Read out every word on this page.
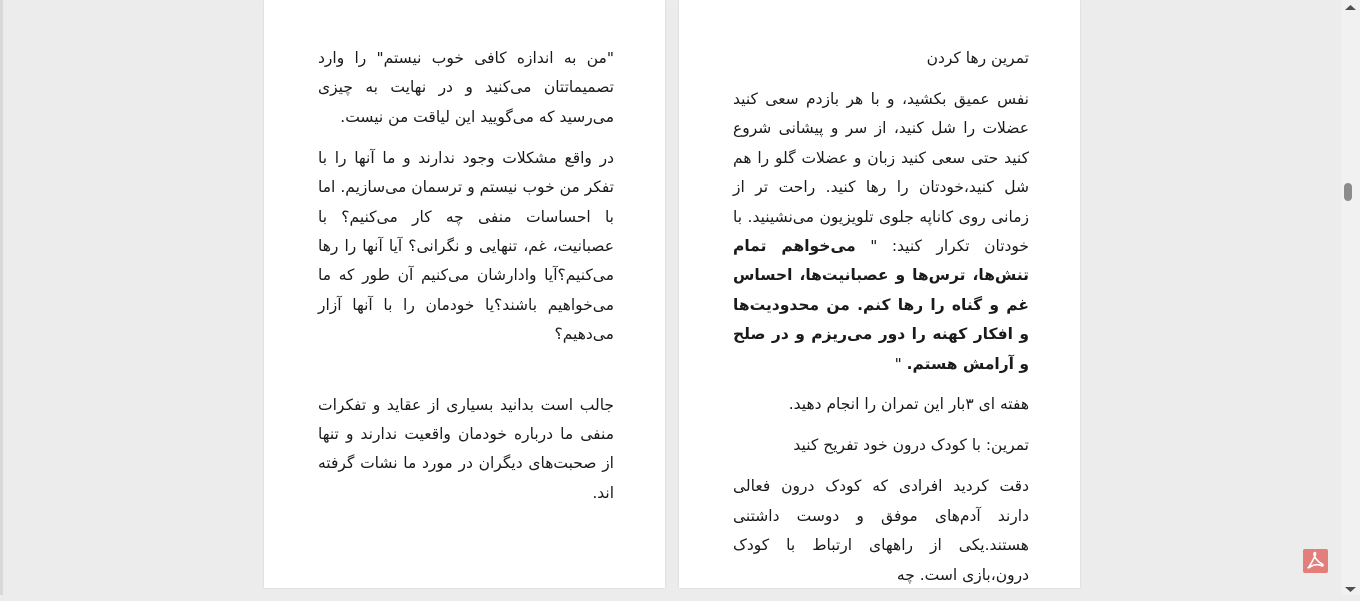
"من به اندازه کافی خوب نیستم" را وارد تصمیماتتان می‌کنید و در نهایت به چیزی می‌رسید که می‌گویید این لیاقت من نیست.

در واقع مشکلات وجود ندارند و ما آنها را با تفکر من خوب نیستم و ترسمان می‌سازیم. اما با احساسات منفی چه کار می‌کنیم؟ با عصبانیت، غم، تنهایی و نگرانی؟ آیا آنها را رها می‌کنیم؟آیا وادارشان می‌کنیم آن طور که ما می‌خواهیم باشند؟یا خودمان را با آنها آزار می‌دهیم؟

جالب است بدانید بسیاری از عقاید و تفکرات منفی ما درباره خودمان واقعیت ندارند و تنها از صحبت‌های دیگران در مورد ما نشات گرفته اند.

تمرین رها کردن

نفس عمیق بکشید، و با هر بازدم سعی کنید عضلات را شل کنید، از سر و پیشانی شروع کنید حتی سعی کنید زبان و عضلات گلو را هم شل کنید،خودتان را رها کنید. راحت تر از زمانی روی کاناپه جلوی تلویزیون می‌نشینید. با خودتان تکرار کنید: " می‌خواهم تمام تنش‌ها، ترس‌ها و عصبانیت‌ها، احساس غم و گناه را رها کنم. من محدودیت‌ها و افکار کهنه را دور می‌ریزم و در صلح و آرامش هستم. "

هفته ای ۳بار این تمران را انجام دهید.

تمرین: با کودک درون خود تفریح کنید

دقت کردید افرادی که کودک درون فعالی دارند آدم‌های موفق و دوست داشتنی هستند.یکی از راههای ارتباط با کودک درون،بازی است. چه
